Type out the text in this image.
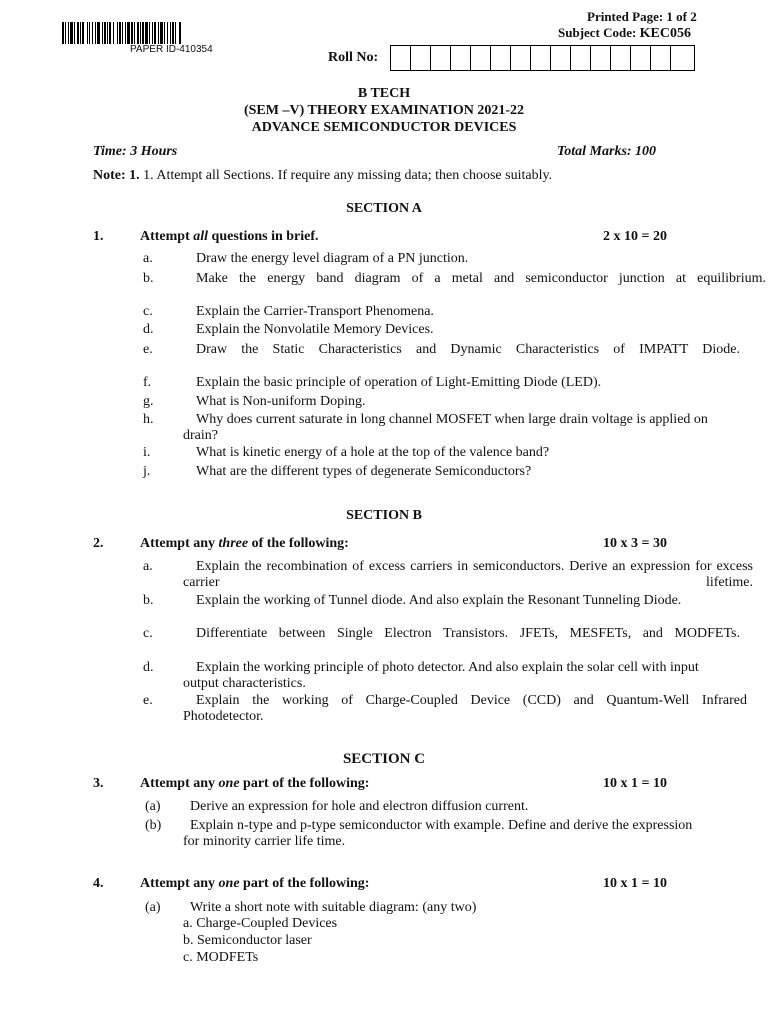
PAPER ID-410354
Printed Page: 1 of 2
Subject Code: KEC056
Roll No:
B TECH
(SEM –V) THEORY EXAMINATION 2021-22
ADVANCE SEMICONDUCTOR DEVICES
Time: 3 Hours	Total Marks: 100
Note: 1. 1. Attempt all Sections. If require any missing data; then choose suitably.
SECTION A
1.	Attempt all questions in brief.	2 x 10 = 20
a.	Draw the energy level diagram of a PN junction.
b.	Make the energy band diagram of a metal and semiconductor junction at equilibrium.
c.	Explain the Carrier-Transport Phenomena.
d.	Explain the Nonvolatile Memory Devices.
e.	Draw the Static Characteristics and Dynamic Characteristics of IMPATT Diode.
f.	Explain the basic principle of operation of Light-Emitting Diode (LED).
g.	What is Non-uniform Doping.
h.	Why does current saturate in long channel MOSFET when large drain voltage is applied on drain?
i.	What is kinetic energy of a hole at the top of the valence band?
j.	What are the different types of degenerate Semiconductors?
SECTION B
2.	Attempt any three of the following:	10 x 3 = 30
a.	Explain the recombination of excess carriers in semiconductors. Derive an expression for excess carrier lifetime.
b.	Explain the working of Tunnel diode. And also explain the Resonant Tunneling Diode.
c.	Differentiate between Single Electron Transistors. JFETs, MESFETs, and MODFETs.
d.	Explain the working principle of photo detector. And also explain the solar cell with input output characteristics.
e.	Explain the working of Charge-Coupled Device (CCD) and Quantum-Well Infrared Photodetector.
SECTION C
3.	Attempt any one part of the following:	10 x 1 = 10
(a) Derive an expression for hole and electron diffusion current.
(b)	Explain n-type and p-type semiconductor with example. Define and derive the expression for minority carrier life time.
4.	Attempt any one part of the following:	10 x 1 = 10
(a) Write a short note with suitable diagram: (any two)
a. Charge-Coupled Devices
b. Semiconductor laser
c. MODFETs
